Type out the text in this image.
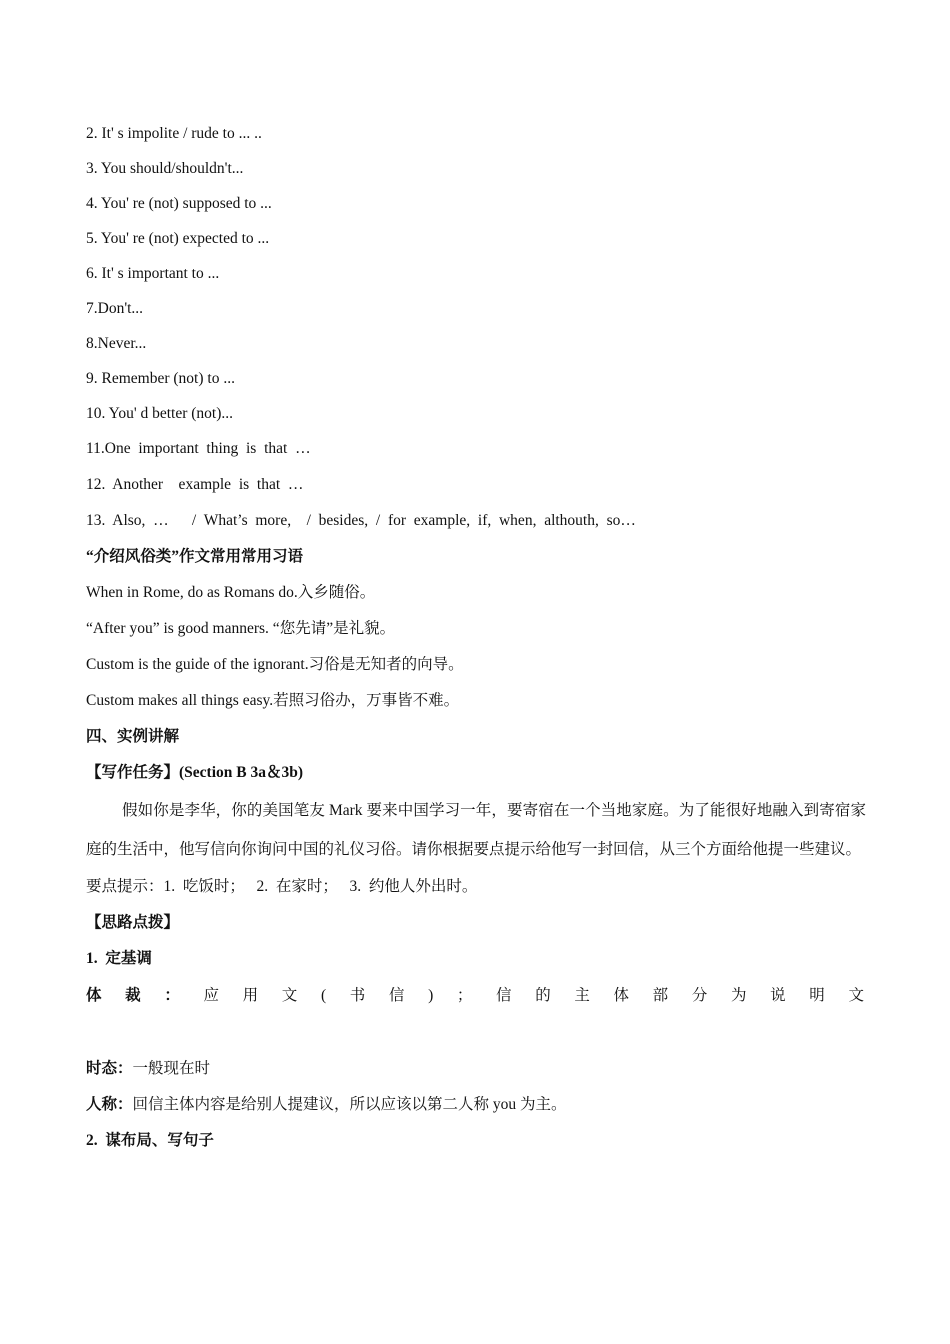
2. It' s impolite / rude to ... ..
3. You should/shouldn't...
4. You' re (not) supposed to ...
5. You' re (not) expected to ...
6. It' s important to ...
7.Don't...
8.Never...
9. Remember (not) to ...
10. You' d better (not)...
11.One  important  thing  is  that  …
12.  Another    example  is  that  …
13.  Also,  …      /  What’s  more,    /  besides,  /  for  example,  if,  when,  althouth,  so…
“介绍风俗类”作文常用常用习语
When in Rome, do as Romans do.入乡随俗。
“After you” is good manners. “您先请”是礼貌。
Custom is the guide of the ignorant.习俗是无知者的向导。
Custom makes all things easy.若照习俗办，万事皆不难。
四、实例讲解
【写作任务】(Section B 3a＆3b)
假如你是李华，你的美国笔友 Mark 要来中国学习一年，要寄宿在一个当地家庭。为了能很好地融入到寄宿家庭的生活中，他写信向你询问中国的礼仪习俗。请你根据要点提示给他写一封回信，从三个方面给他提一些建议。
要点提示：1.  吃饭时；   2.  在家时；   3.  约他人外出时。
【思路点拨】
1.  定基调
体 裁 ： 应 用 文 ( 书 信 ) ； 信 的 主 体 部 分 为 说 明 文
时态：一般现在时
人称：回信主体内容是给别人提建议，所以应该以第二人称 you 为主。
2.  谋布局、写句子
